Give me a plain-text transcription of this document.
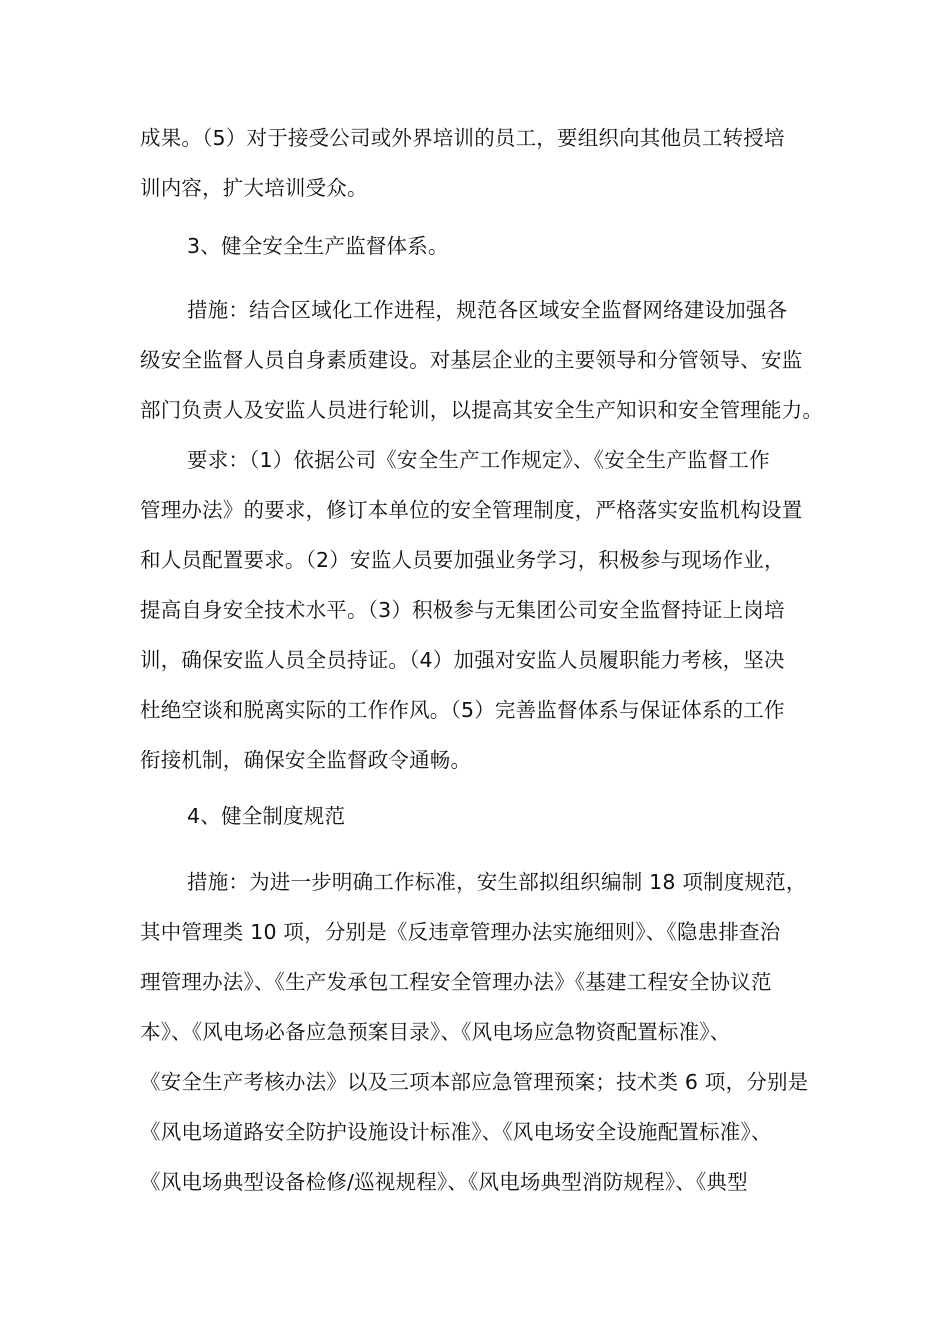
成果。（5）对于接受公司或外界培训的员工，要组织向其他员工转授培
训内容，扩大培训受众。
3、健全安全生产监督体系。
措施：结合区域化工作进程，规范各区域安全监督网络建设加强各
级安全监督人员自身素质建设。对基层企业的主要领导和分管领导、安监
部门负责人及安监人员进行轮训，以提高其安全生产知识和安全管理能力。
要求：（1）依据公司《安全生产工作规定》、《安全生产监督工作
管理办法》的要求，修订本单位的安全管理制度，严格落实安监机构设置
和人员配置要求。（2）安监人员要加强业务学习，积极参与现场作业，
提高自身安全技术水平。（3）积极参与无集团公司安全监督持证上岗培
训，确保安监人员全员持证。（4）加强对安监人员履职能力考核，坚决
杜绝空谈和脱离实际的工作作风。（5）完善监督体系与保证体系的工作
衔接机制，确保安全监督政令通畅。
4、健全制度规范
措施：为进一步明确工作标准，安生部拟组织编制 18 项制度规范，
其中管理类 10 项，分别是《反违章管理办法实施细则》、《隐患排查治
理管理办法》、《生产发承包工程安全管理办法》《基建工程安全协议范
本》、《风电场必备应急预案目录》、《风电场应急物资配置标准》、
《安全生产考核办法》以及三项本部应急管理预案；技术类 6 项，分别是
《风电场道路安全防护设施设计标准》、《风电场安全设施配置标准》、
《风电场典型设备检修/巡视规程》、《风电场典型消防规程》、《典型
